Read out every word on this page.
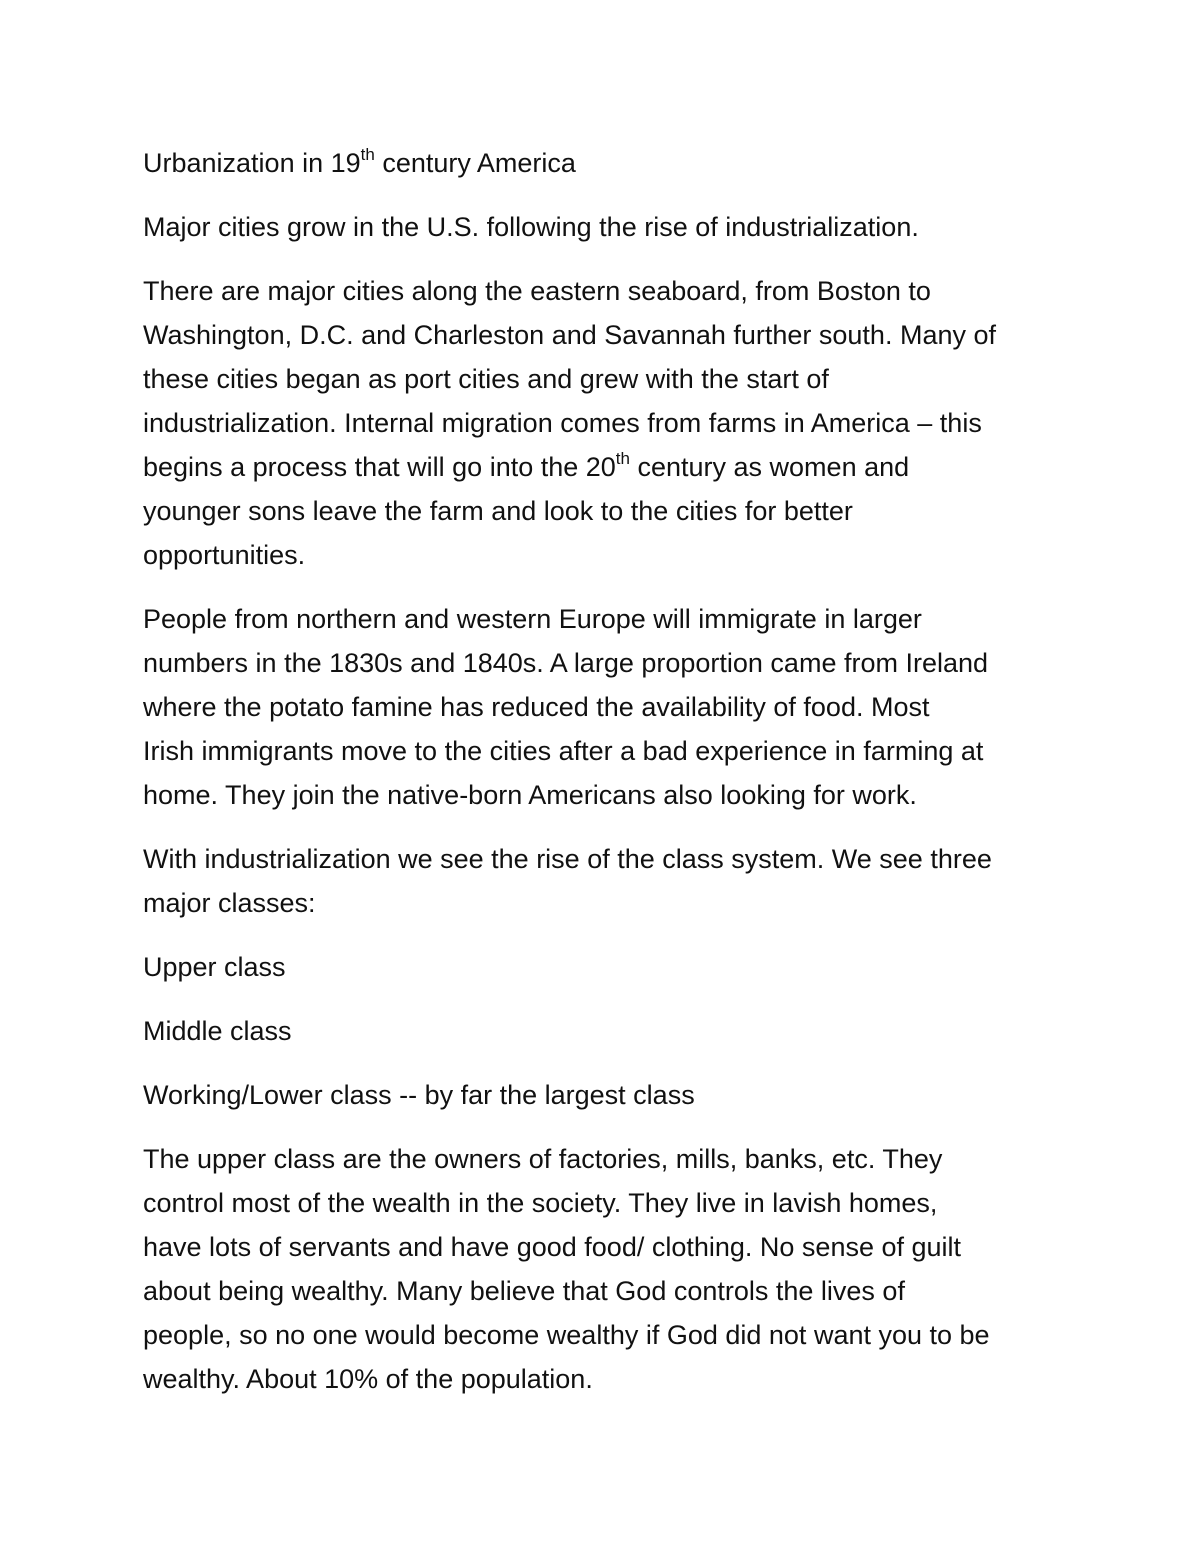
Urbanization in 19th century America

Major cities grow in the U.S. following the rise of industrialization.

There are major cities along the eastern seaboard, from Boston to
Washington, D.C. and Charleston and Savannah further south. Many of
these cities began as port cities and grew with the start of
industrialization. Internal migration comes from farms in America – this
begins a process that will go into the 20th century as women and
younger sons leave the farm and look to the cities for better
opportunities.

People from northern and western Europe will immigrate in larger
numbers in the 1830s and 1840s. A large proportion came from Ireland
where the potato famine has reduced the availability of food. Most
Irish immigrants move to the cities after a bad experience in farming at
home. They join the native-born Americans also looking for work.

With industrialization we see the rise of the class system. We see three
major classes:

Upper class

Middle class

Working/Lower class -- by far the largest class

The upper class are the owners of factories, mills, banks, etc. They
control most of the wealth in the society. They live in lavish homes,
have lots of servants and have good food/ clothing. No sense of guilt
about being wealthy. Many believe that God controls the lives of
people, so no one would become wealthy if God did not want you to be
wealthy. About 10% of the population.
